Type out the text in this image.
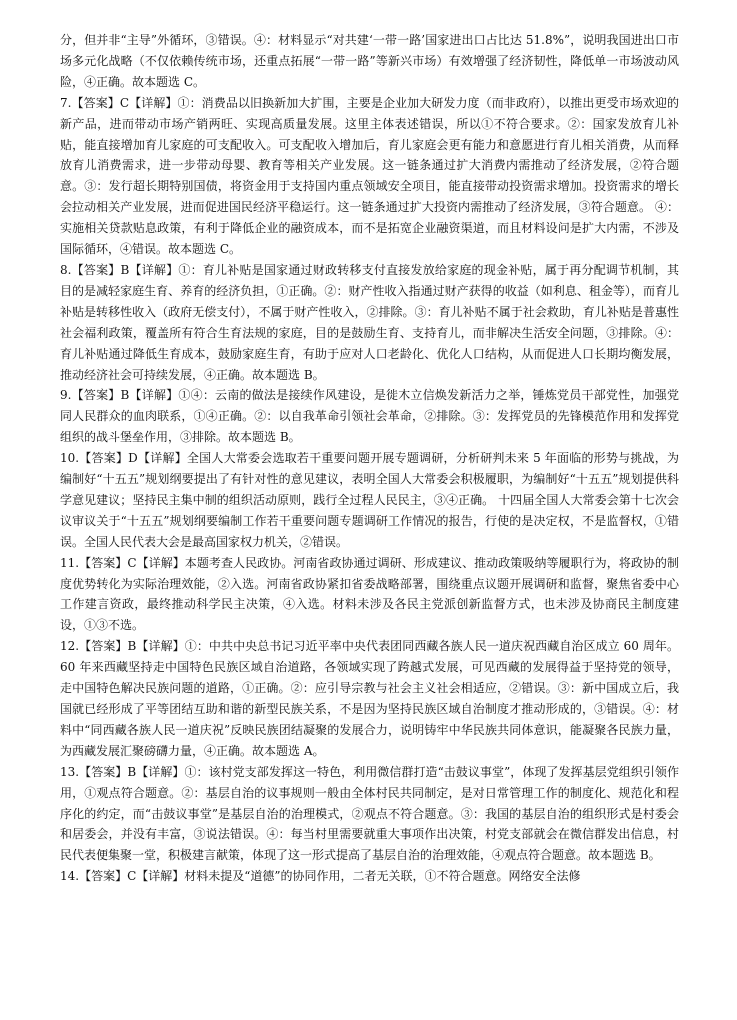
分，但并非“主导”外循环，③错误。④：材料显示“对共建‘一带一路’国家进出口占比达 51.8%”，说明我国进出口市场多元化战略（不仅依赖传统市场，还重点拓展“一带一路”等新兴市场）有效增强了经济韧性，降低单一市场波动风险，④正确。故本题选 C。

7.【答案】C【详解】①：消费品以旧换新加大扩围，主要是企业加大研发力度（而非政府），以推出更受市场欢迎的新产品，进而带动市场产销两旺、实现高质量发展。这里主体表述错误，所以①不符合要求。②：国家发放育儿补贴，能直接增加育儿家庭的可支配收入。可支配收入增加后，育儿家庭会更有能力和意愿进行育儿相关消费，从而释放育儿消费需求，进一步带动母婴、教育等相关产业发展。这一链条通过扩大消费内需推动了经济发展，②符合题意。③：发行超长期特别国债，将资金用于支持国内重点领域安全项目，能直接带动投资需求增加。投资需求的增长会拉动相关产业发展，进而促进国民经济平稳运行。这一链条通过扩大投资内需推动了经济发展，③符合题意。 ④：实施相关贷款贴息政策，有利于降低企业的融资成本，而不是拓宽企业融资渠道，而且材料设问是扩大内需，不涉及国际循环，④错误。故本题选 C。

8.【答案】B【详解】①：育儿补贴是国家通过财政转移支付直接发放给家庭的现金补贴，属于再分配调节机制，其目的是减轻家庭生育、养育的经济负担，①正确。②：财产性收入指通过财产获得的收益（如利息、租金等），而育儿补贴是转移性收入（政府无偿支付），不属于财产性收入，②排除。③：育儿补贴不属于社会救助，育儿补贴是普惠性社会福利政策，覆盖所有符合生育法规的家庭，目的是鼓励生育、支持育儿，而非解决生活安全问题，③排除。④：育儿补贴通过降低生育成本，鼓励家庭生育，有助于应对人口老龄化、优化人口结构，从而促进人口长期均衡发展，推动经济社会可持续发展，④正确。故本题选 B。

9.【答案】B【详解】①④：云南的做法是接续作风建设，是徙木立信焕发新活力之举，锤炼党员干部党性，加强党同人民群众的血肉联系，①④正确。②：以自我革命引领社会革命，②排除。③：发挥党员的先锋模范作用和发挥党组织的战斗堡垒作用，③排除。故本题选 B。

10.【答案】D【详解】全国人大常委会选取若干重要问题开展专题调研，分析研判未来 5 年面临的形势与挑战，为编制好“十五五”规划纲要提出了有针对性的意见建议，表明全国人大常委会积极履职，为编制好“十五五”规划提供科学意见建议；坚持民主集中制的组织活动原则，践行全过程人民民主，③④正确。 十四届全国人大常委会第十七次会议审议关于“十五五”规划纲要编制工作若干重要问题专题调研工作情况的报告，行使的是决定权，不是监督权，①错误。全国人民代表大会是最高国家权力机关，②错误。

11.【答案】C【详解】本题考查人民政协。河南省政协通过调研、形成建议、推动政策吸纳等履职行为，将政协的制度优势转化为实际治理效能，②入选。河南省政协紧扣省委战略部署，围绕重点议题开展调研和监督，聚焦省委中心工作建言资政，最终推动科学民主决策，④入选。材料未涉及各民主党派创新监督方式，也未涉及协商民主制度建设，①③不选。

12.【答案】B【详解】①：中共中央总书记习近平率中央代表团同西藏各族人民一道庆祝西藏自治区成立 60 周年。60 年来西藏坚持走中国特色民族区域自治道路，各领域实现了跨越式发展，可见西藏的发展得益于坚持党的领导，走中国特色解决民族问题的道路，①正确。②：应引导宗教与社会主义社会相适应，②错误。③：新中国成立后，我国就已经形成了平等团结互助和谐的新型民族关系，不是因为坚持民族区域自治制度才推动形成的，③错误。④：材料中“同西藏各族人民一道庆祝”反映民族团结凝聚的发展合力，说明铸牢中华民族共同体意识，能凝聚各民族力量，为西藏发展汇聚磅礴力量，④正确。故本题选 A。

13.【答案】B【详解】①：该村党支部发挥这一特色，利用微信群打造“击鼓议事堂”，体现了发挥基层党组织引领作用，①观点符合题意。②：基层自治的议事规则一般由全体村民共同制定，是对日常管理工作的制度化、规范化和程序化的约定，而“击鼓议事堂”是基层自治的治理模式，②观点不符合题意。③：我国的基层自治的组织形式是村委会和居委会，并没有丰富，③说法错误。④：每当村里需要就重大事项作出决策，村党支部就会在微信群发出信息，村民代表便集聚一堂，积极建言献策，体现了这一形式提高了基层自治的治理效能，④观点符合题意。故本题选 B。

14.【答案】C【详解】材料未提及“道德”的协同作用，二者无关联，①不符合题意。网络安全法修
